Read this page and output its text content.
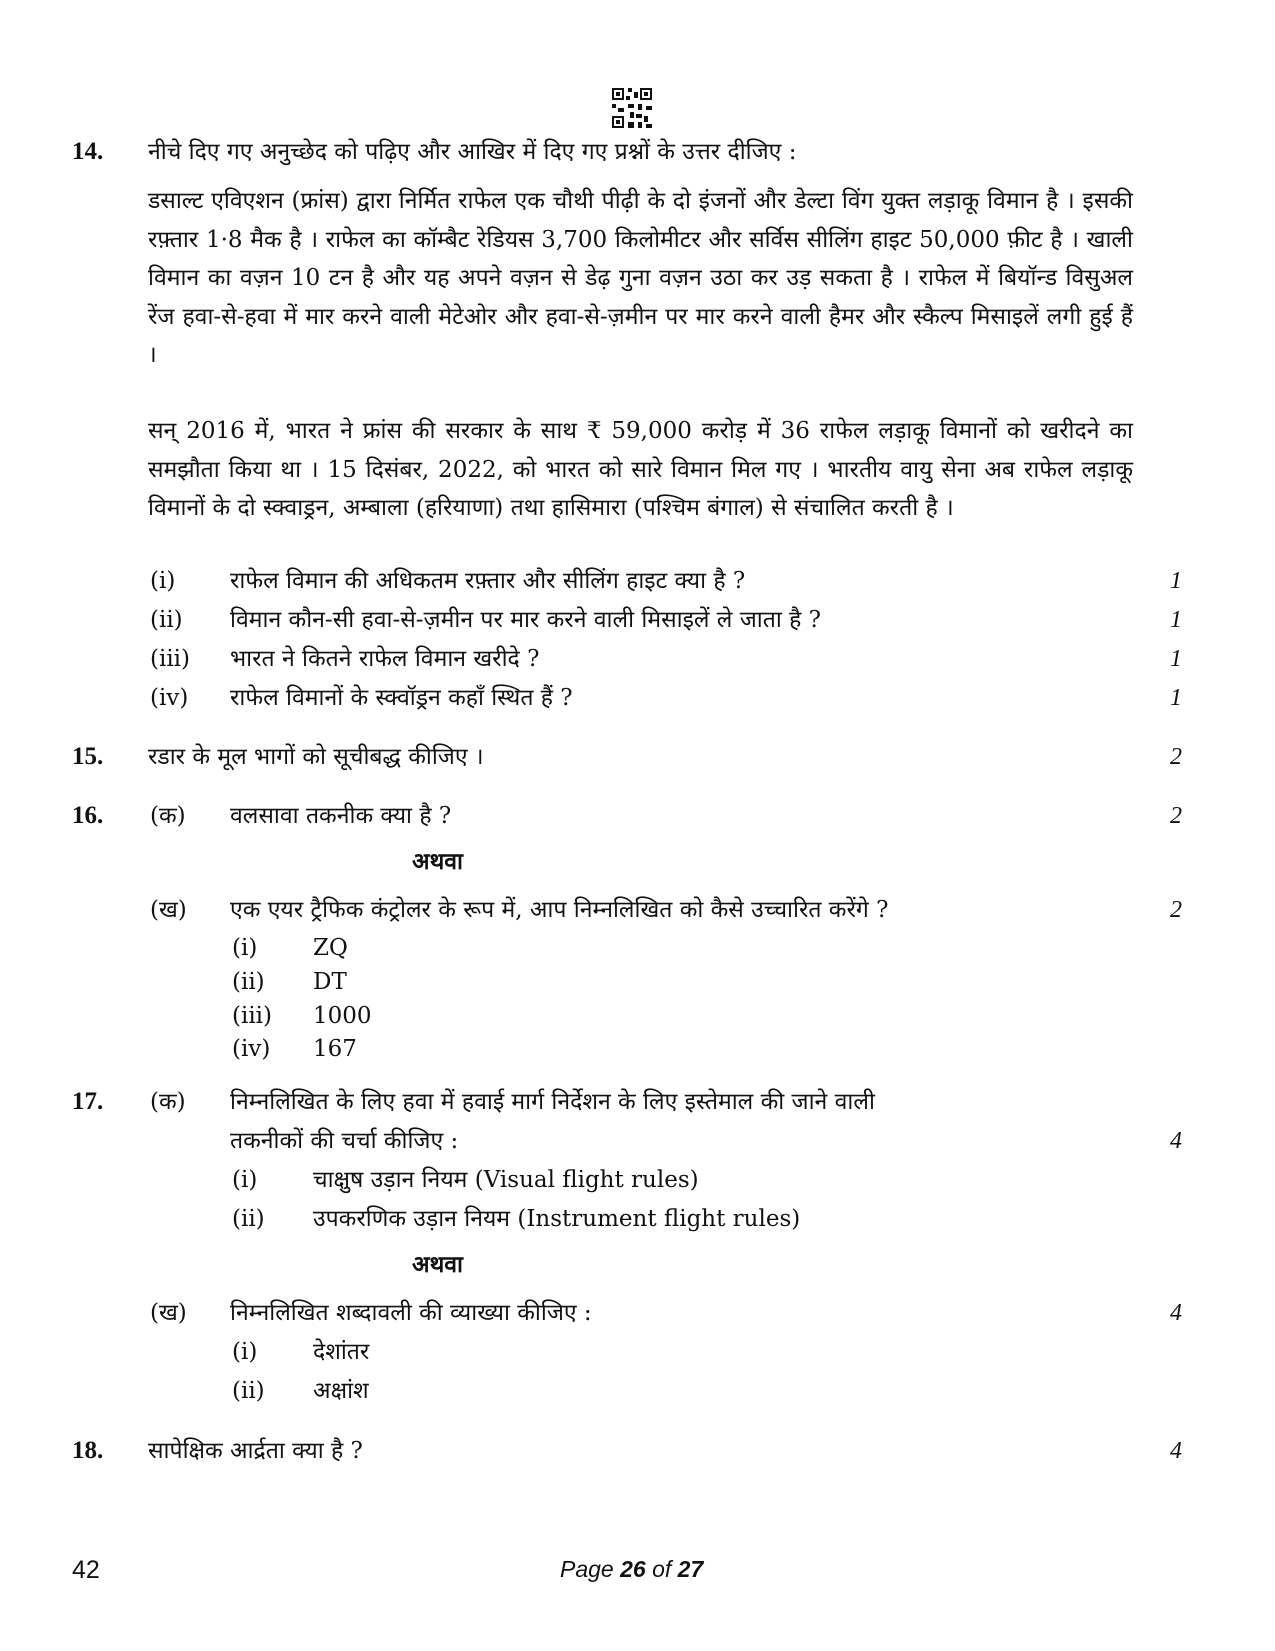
14. नीचे दिए गए अनुच्छेद को पढ़िए और आखिर में दिए गए प्रश्नों के उत्तर दीजिए :
डसाल्ट एविएशन (फ्रांस) द्वारा निर्मित राफेल एक चौथी पीढ़ी के दो इंजनों और डेल्टा विंग युक्त लड़ाकू विमान है । इसकी रफ़्तार 1·8 मैक है । राफेल का कॉम्बैट रेडियस 3,700 किलोमीटर और सर्विस सीलिंग हाइट 50,000 फ़ीट है । खाली विमान का वज़न 10 टन है और यह अपने वज़न से डेढ़ गुना वज़न उठा कर उड़ सकता है । राफेल में बियॉन्ड विसुअल रेंज हवा-से-हवा में मार करने वाली मेटेओर और हवा-से-ज़मीन पर मार करने वाली हैमर और स्कैल्प मिसाइलें लगी हुई हैं ।
सन् 2016 में, भारत ने फ्रांस की सरकार के साथ ₹ 59,000 करोड़ में 36 राफेल लड़ाकू विमानों को खरीदने का समझौता किया था । 15 दिसंबर, 2022, को भारत को सारे विमान मिल गए । भारतीय वायु सेना अब राफेल लड़ाकू विमानों के दो स्क्वाड्रन, अम्बाला (हरियाणा) तथा हासिमारा (पश्चिम बंगाल) से संचालित करती है ।
(i) राफेल विमान की अधिकतम रफ़्तार और सीलिंग हाइट क्या है ?	1
(ii) विमान कौन-सी हवा-से-ज़मीन पर मार करने वाली मिसाइलें ले जाता है ?	1
(iii) भारत ने कितने राफेल विमान खरीदे ?	1
(iv) राफेल विमानों के स्क्वॉड्रन कहाँ स्थित हैं ?	1
15. रडार के मूल भागों को सूचीबद्ध कीजिए ।	2
16. (क) वलसावा तकनीक क्या है ?	2
अथवा
(ख) एक एयर ट्रैफिक कंट्रोलर के रूप में, आप निम्नलिखित को कैसे उच्चारित करेंगे ?	2
(i) ZQ
(ii) DT
(iii) 1000
(iv) 167
17. (क) निम्नलिखित के लिए हवा में हवाई मार्ग निर्देशन के लिए इस्तेमाल की जाने वाली
तकनीकों की चर्चा कीजिए :	4
(i) चाक्षुष उड़ान नियम (Visual flight rules)
(ii) उपकरणिक उड़ान नियम (Instrument flight rules)
अथवा
(ख) निम्नलिखित शब्दावली की व्याख्या कीजिए :	4
(i) देशांतर
(ii) अक्षांश
18. सापेक्षिक आर्द्रता क्या है ?	4
42	Page 26 of 27
